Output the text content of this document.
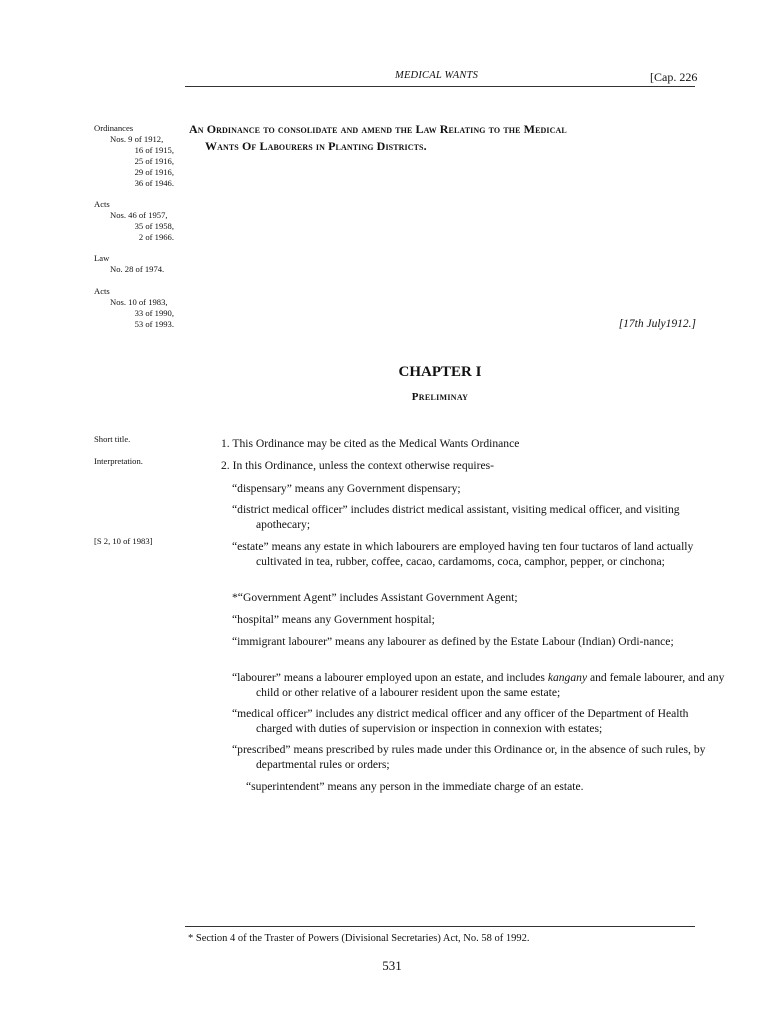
MEDICAL WANTS	[Cap. 226
Ordinances
Nos. 9 of 1912,
16 of 1915,
25 of 1916,
29 of 1916,
36 of 1946.
Acts
Nos. 46 of 1957,
35 of 1958,
2 of 1966.
Law
No. 28 of 1974.
Acts
Nos. 10 of 1983,
33 of 1990,
53 of 1993.
An Ordinance to consolidate and amend the Law Relating to the Medical
Wants Of Labourers in Planting Districts.
[17th July1912.]
CHAPTER I
Preliminay
Short title.
Interpretation.
[S 2, 10 of 1983]
1. This Ordinance may be cited as the Medical Wants Ordinance
2. In this Ordinance, unless the context otherwise requires-
“dispensary” means any Government dispensary;
“district medical officer” includes district medical assistant, visiting medical officer, and visiting apothecary;
“estate” means any estate in which labourers are employed having ten four tuctaros of land actually cultivated in tea, rubber, coffee, cacao, cardamoms, coca, camphor, pepper, or cinchona;
*“Government Agent” includes Assistant Government Agent;
“hospital” means any Government hospital;
“immigrant labourer” means any labourer as defined by the Estate Labour (Indian) Ordi-nance;
“labourer” means a labourer employed upon an estate, and includes kangany and female labourer, and any child or other relative of a labourer resident upon the same estate;
“medical officer” includes any district medical officer and any officer of the Department of Health charged with duties of supervision or inspection in connexion with estates;
“prescribed” means prescribed by rules made under this Ordinance or, in the absence of such rules, by departmental rules or orders;
“superintendent” means any person in the immediate charge of an estate.
* Section 4 of the Traster of Powers (Divisional Secretaries) Act, No. 58 of 1992.
531
